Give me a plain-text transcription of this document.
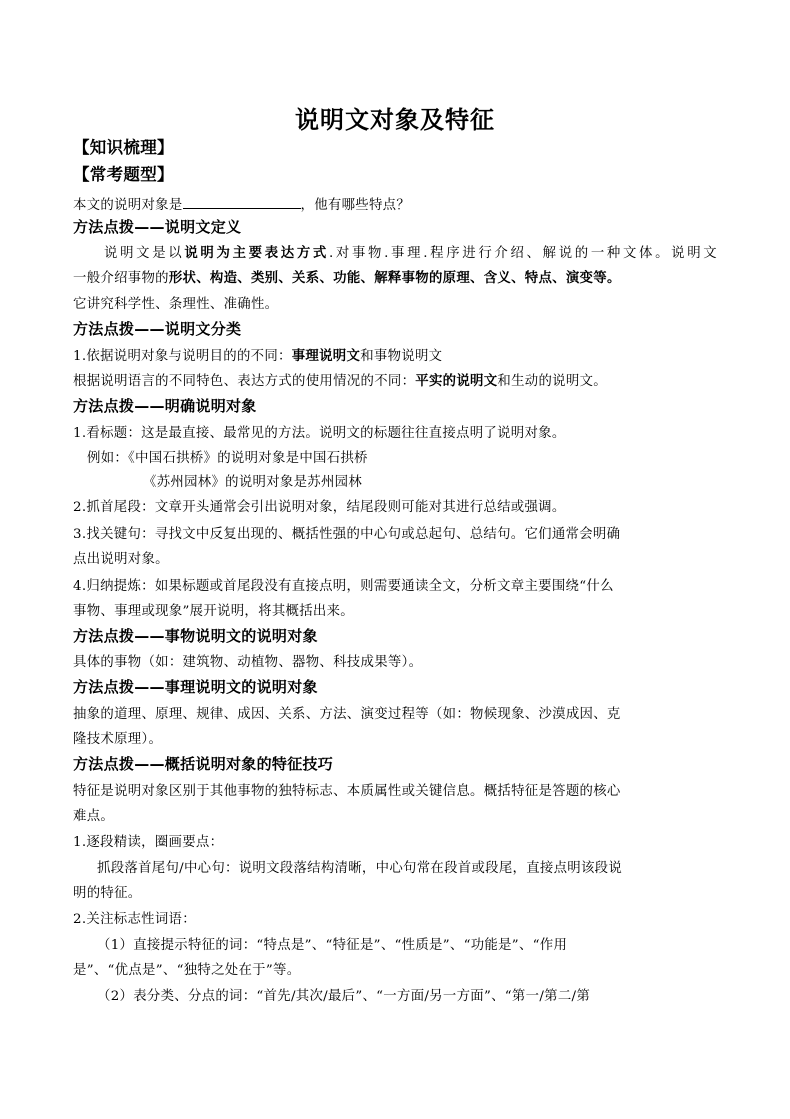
说明文对象及特征
【知识梳理】
【常考题型】
本文的说明对象是	，他有哪些特点？
方法点拨——说明文定义
说明文是以说明为主要表达方式.对事物.事理.程序进行介绍、解说的一种文体。说明文
一般介绍事物的形状、构造、类别、关系、功能、解释事物的原理、含义、特点、演变等。
它讲究科学性、条理性、准确性。
方法点拨——说明文分类
1.依据说明对象与说明目的的不同：事理说明文和事物说明文
根据说明语言的不同特色、表达方式的使用情况的不同：平实的说明文和生动的说明文。
方法点拨——明确说明对象
1.看标题：这是最直接、最常见的方法。说明文的标题往往直接点明了说明对象。
例如：《中国石拱桥》的说明对象是中国石拱桥
《苏州园林》的说明对象是苏州园林
2.抓首尾段：文章开头通常会引出说明对象，结尾段则可能对其进行总结或强调。
3.找关键句：寻找文中反复出现的、概括性强的中心句或总起句、总结句。它们通常会明确
点出说明对象。
4.归纳提炼：如果标题或首尾段没有直接点明，则需要通读全文，分析文章主要围绕“什么
事物、事理或现象”展开说明，将其概括出来。
方法点拨——事物说明文的说明对象
具体的事物（如：建筑物、动植物、器物、科技成果等）。
方法点拨——事理说明文的说明对象
抽象的道理、原理、规律、成因、关系、方法、演变过程等（如：物候现象、沙漠成因、克
隆技术原理）。
方法点拨——概括说明对象的特征技巧
特征是说明对象区别于其他事物的独特标志、本质属性或关键信息。概括特征是答题的核心
难点。
1.逐段精读，圈画要点：
抓段落首尾句/中心句：说明文段落结构清晰，中心句常在段首或段尾，直接点明该段说
明的特征。
2.关注标志性词语：
（1）直接提示特征的词：“特点是”、“特征是”、“性质是”、“功能是”、“作用
是”、“优点是”、“独特之处在于”等。
（2）表分类、分点的词：“首先/其次/最后”、“一方面/另一方面”、“第一/第二/第
